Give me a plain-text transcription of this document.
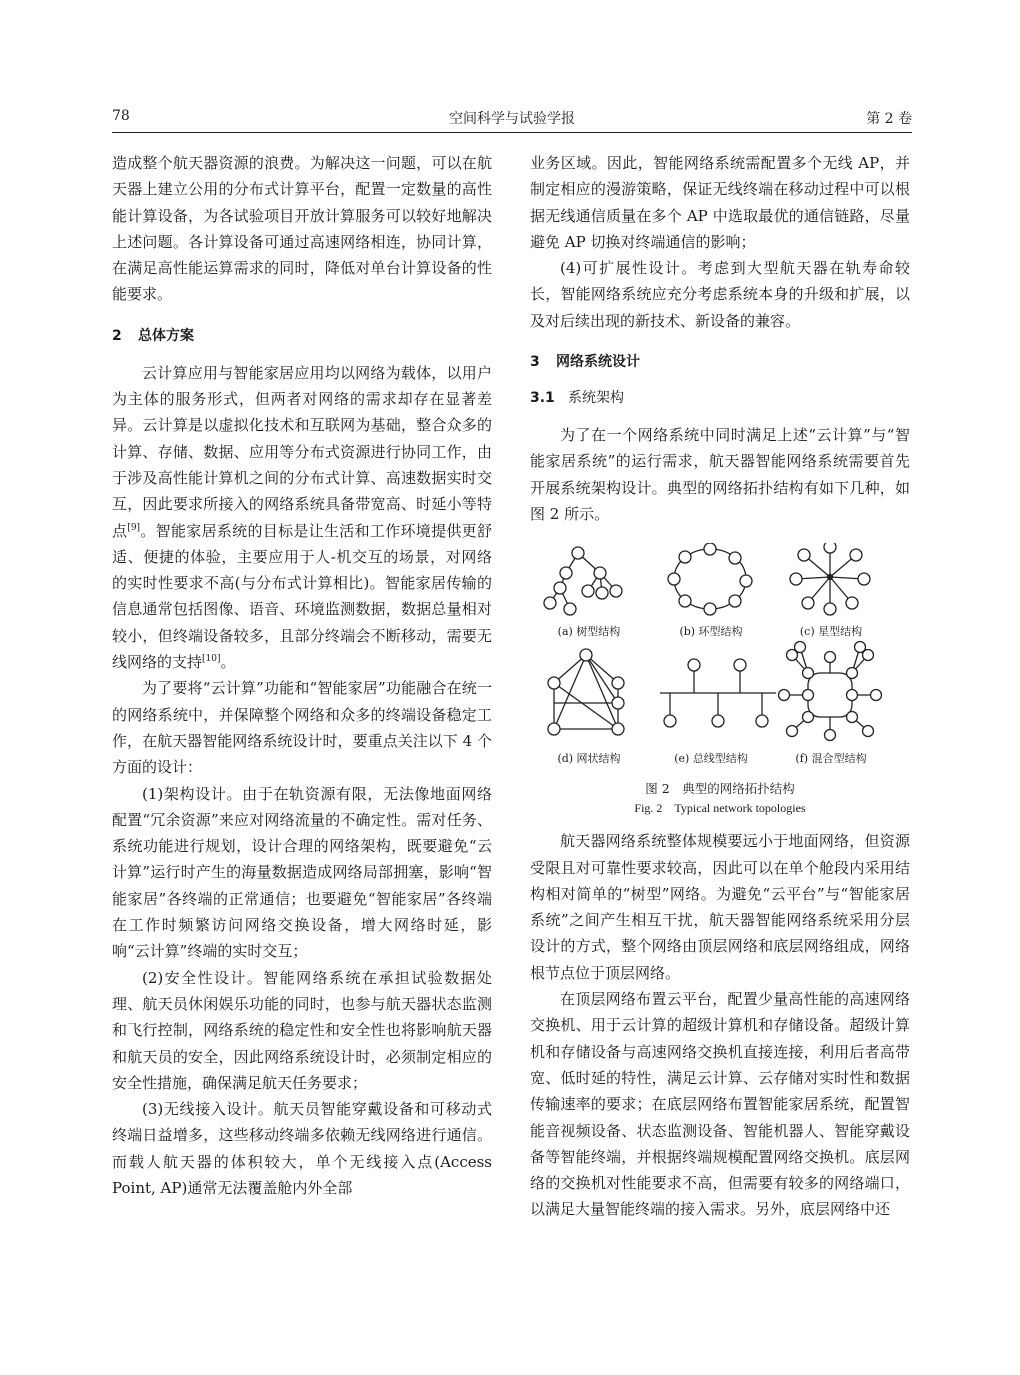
78	空间科学与试验学报	第 2 卷

造成整个航天器资源的浪费。为解决这一问题，可以在航天器上建立公用的分布式计算平台，配置一定数量的高性能计算设备，为各试验项目开放计算服务可以较好地解决上述问题。各计算设备可通过高速网络相连，协同计算，在满足高性能运算需求的同时，降低对单台计算设备的性能要求。

2 总体方案

云计算应用与智能家居应用均以网络为载体，以用户为主体的服务形式，但两者对网络的需求却存在显著差异。云计算是以虚拟化技术和互联网为基础，整合众多的计算、存储、数据、应用等分布式资源进行协同工作，由于涉及高性能计算机之间的分布式计算、高速数据实时交互，因此要求所接入的网络系统具备带宽高、时延小等特点[9]。智能家居系统的目标是让生活和工作环境提供更舒适、便捷的体验，主要应用于人-机交互的场景，对网络的实时性要求不高(与分布式计算相比)。智能家居传输的信息通常包括图像、语音、环境监测数据，数据总量相对较小，但终端设备较多，且部分终端会不断移动，需要无线网络的支持[10]。

为了要将“云计算”功能和“智能家居”功能融合在统一的网络系统中，并保障整个网络和众多的终端设备稳定工作，在航天器智能网络系统设计时，要重点关注以下 4 个方面的设计：

(1)架构设计。由于在轨资源有限，无法像地面网络配置“冗余资源”来应对网络流量的不确定性。需对任务、系统功能进行规划，设计合理的网络架构，既要避免“云计算”运行时产生的海量数据造成网络局部拥塞，影响“智能家居”各终端的正常通信；也要避免“智能家居”各终端在工作时频繁访问网络交换设备，增大网络时延，影响“云计算”终端的实时交互；

(2)安全性设计。智能网络系统在承担试验数据处理、航天员休闲娱乐功能的同时，也参与航天器状态监测和飞行控制，网络系统的稳定性和安全性也将影响航天器和航天员的安全，因此网络系统设计时，必须制定相应的安全性措施，确保满足航天任务要求；

(3)无线接入设计。航天员智能穿戴设备和可移动式终端日益增多，这些移动终端多依赖无线网络进行通信。而载人航天器的体积较大，单个无线接入点(Access Point, AP)通常无法覆盖舱内外全部

业务区域。因此，智能网络系统需配置多个无线 AP，并制定相应的漫游策略，保证无线终端在移动过程中可以根据无线通信质量在多个 AP 中选取最优的通信链路，尽量避免 AP 切换对终端通信的影响；

(4)可扩展性设计。考虑到大型航天器在轨寿命较长，智能网络系统应充分考虑系统本身的升级和扩展，以及对后续出现的新技术、新设备的兼容。

3 网络系统设计
3.1 系统架构

为了在一个网络系统中同时满足上述“云计算”与“智能家居系统”的运行需求，航天器智能网络系统需要首先开展系统架构设计。典型的网络拓扑结构有如下几种，如图 2 所示。

(a) 树型结构	(b) 环型结构	(c) 星型结构
(d) 网状结构	(e) 总线型结构	(f) 混合型结构
图 2　典型的网络拓扑结构
Fig. 2　Typical network topologies

航天器网络系统整体规模要远小于地面网络，但资源受限且对可靠性要求较高，因此可以在单个舱段内采用结构相对简单的“树型”网络。为避免“云平台”与“智能家居系统”之间产生相互干扰，航天器智能网络系统采用分层设计的方式，整个网络由顶层网络和底层网络组成，网络根节点位于顶层网络。

在顶层网络布置云平台，配置少量高性能的高速网络交换机、用于云计算的超级计算机和存储设备。超级计算机和存储设备与高速网络交换机直接连接，利用后者高带宽、低时延的特性，满足云计算、云存储对实时性和数据传输速率的要求；在底层网络布置智能家居系统，配置智能音视频设备、状态监测设备、智能机器人、智能穿戴设备等智能终端，并根据终端规模配置网络交换机。底层网络的交换机对性能要求不高，但需要有较多的网络端口，以满足大量智能终端的接入需求。另外，底层网络中还
